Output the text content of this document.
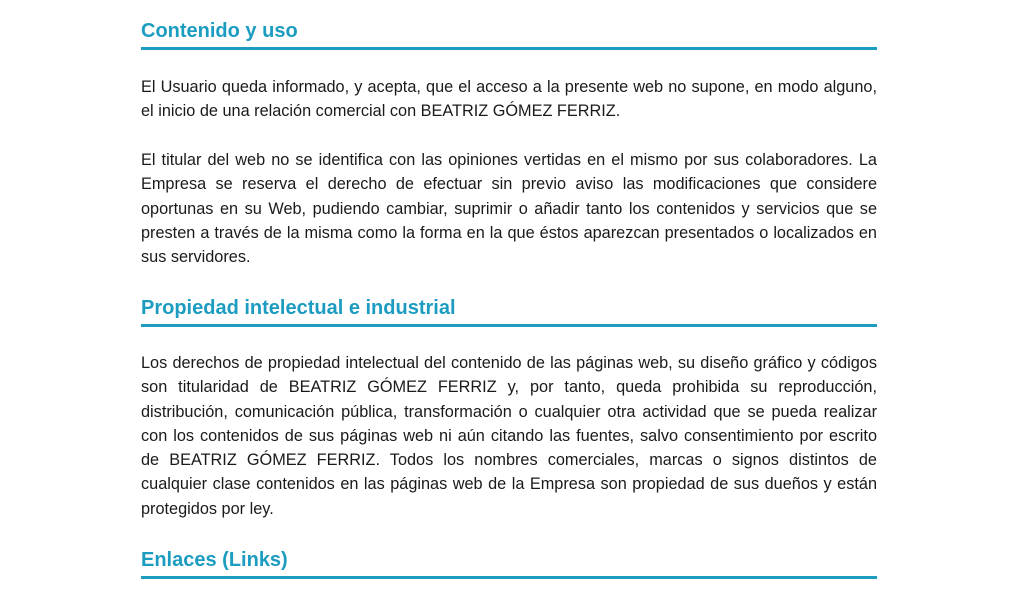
Contenido y uso

El Usuario queda informado, y acepta, que el acceso a la presente web no supone, en modo alguno, el inicio de una relación comercial con BEATRIZ GÓMEZ FERRIZ.

El titular del web no se identifica con las opiniones vertidas en el mismo por sus colaboradores. La Empresa se reserva el derecho de efectuar sin previo aviso las modificaciones que considere oportunas en su Web, pudiendo cambiar, suprimir o añadir tanto los contenidos y servicios que se presten a través de la misma como la forma en la que éstos aparezcan presentados o localizados en sus servidores.

Propiedad intelectual e industrial

Los derechos de propiedad intelectual del contenido de las páginas web, su diseño gráfico y códigos son titularidad de BEATRIZ GÓMEZ FERRIZ y, por tanto, queda prohibida su reproducción, distribución, comunicación pública, transformación o cualquier otra actividad que se pueda realizar con los contenidos de sus páginas web ni aún citando las fuentes, salvo consentimiento por escrito de BEATRIZ GÓMEZ FERRIZ. Todos los nombres comerciales, marcas o signos distintos de cualquier clase contenidos en las páginas web de la Empresa son propiedad de sus dueños y están protegidos por ley.

Enlaces (Links)
